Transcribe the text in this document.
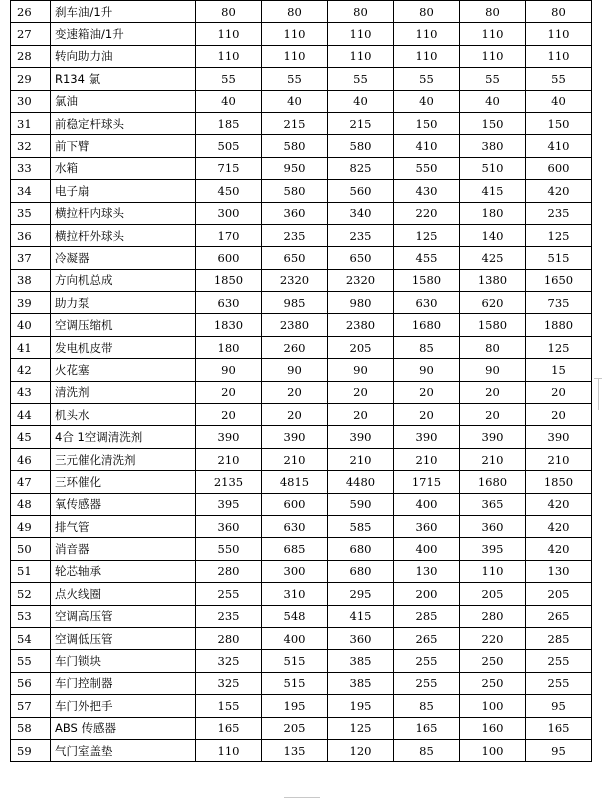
26	刹车油/1升	80	80	80	80	80	80
27	变速箱油/1升	110	110	110	110	110	110
28	转向助力油	110	110	110	110	110	110
29	R134 氯	55	55	55	55	55	55
30	氯油	40	40	40	40	40	40
31	前稳定杆球头	185	215	215	150	150	150
32	前下臂	505	580	580	410	380	410
33	水箱	715	950	825	550	510	600
34	电子扇	450	580	560	430	415	420
35	横拉杆内球头	300	360	340	220	180	235
36	横拉杆外球头	170	235	235	125	140	125
37	冷凝器	600	650	650	455	425	515
38	方向机总成	1850	2320	2320	1580	1380	1650
39	助力泵	630	985	980	630	620	735
40	空调压缩机	1830	2380	2380	1680	1580	1880
41	发电机皮带	180	260	205	85	80	125
42	火花塞	90	90	90	90	90	15
43	清洗剂	20	20	20	20	20	20
44	机头水	20	20	20	20	20	20
45	4合 1空调清洗剂	390	390	390	390	390	390
46	三元催化清洗剂	210	210	210	210	210	210
47	三环催化	2135	4815	4480	1715	1680	1850
48	氧传感器	395	600	590	400	365	420
49	排气管	360	630	585	360	360	420
50	消音器	550	685	680	400	395	420
51	轮芯轴承	280	300	680	130	110	130
52	点火线圈	255	310	295	200	205	205
53	空调高压管	235	548	415	285	280	265
54	空调低压管	280	400	360	265	220	285
55	车门锁块	325	515	385	255	250	255
56	车门控制器	325	515	385	255	250	255
57	车门外把手	155	195	195	85	100	95
58	ABS 传感器	165	205	125	165	160	165
59	气门室盖垫	110	135	120	85	100	95
